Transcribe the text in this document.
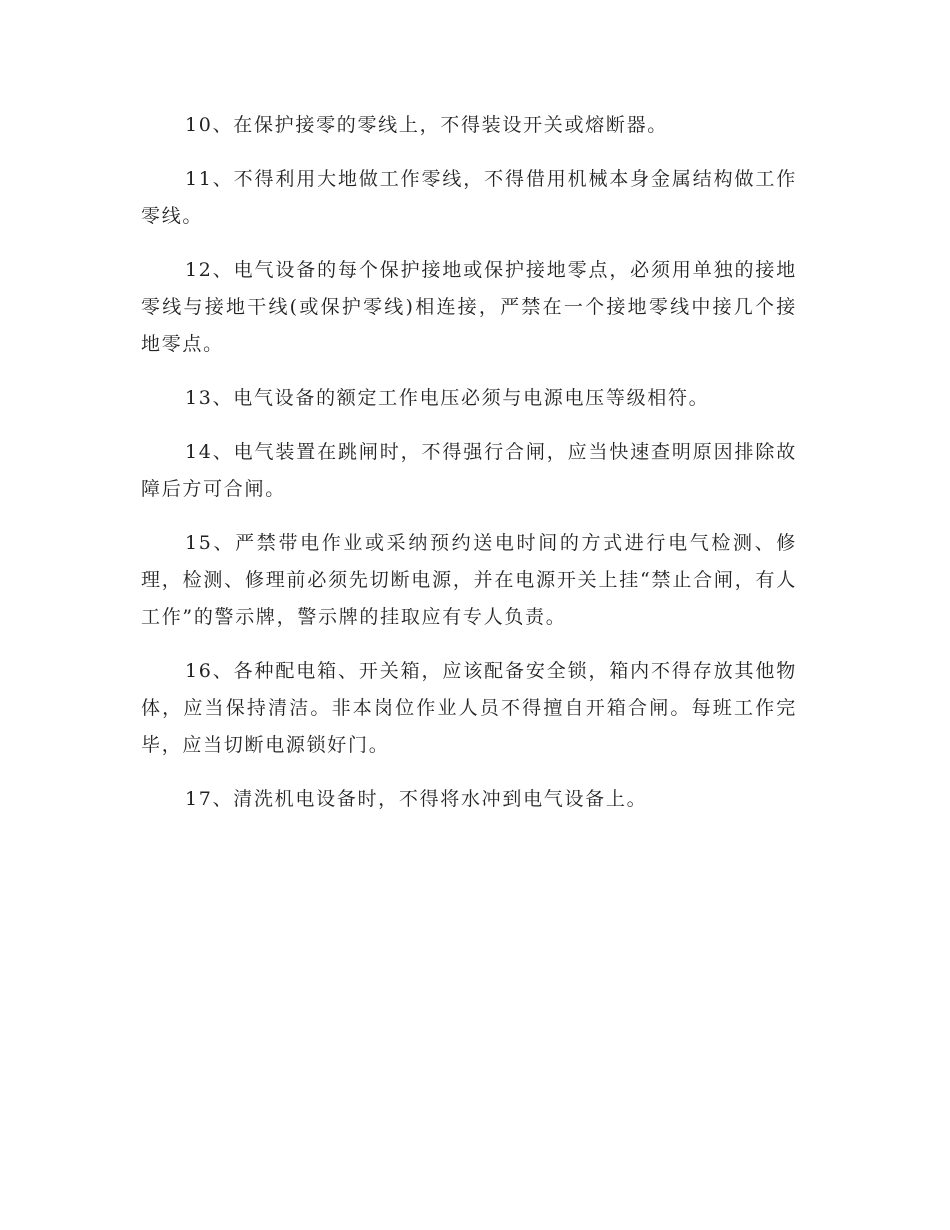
10、在保护接零的零线上，不得装设开关或熔断器。

11、不得利用大地做工作零线，不得借用机械本身金属结构做工作零线。

12、电气设备的每个保护接地或保护接地零点，必须用单独的接地零线与接地干线(或保护零线)相连接，严禁在一个接地零线中接几个接地零点。

13、电气设备的额定工作电压必须与电源电压等级相符。

14、电气装置在跳闸时，不得强行合闸，应当快速查明原因排除故障后方可合闸。

15、严禁带电作业或采纳预约送电时间的方式进行电气检测、修理，检测、修理前必须先切断电源，并在电源开关上挂“禁止合闸，有人工作”的警示牌，警示牌的挂取应有专人负责。

16、各种配电箱、开关箱，应该配备安全锁，箱内不得存放其他物体，应当保持清洁。非本岗位作业人员不得擅自开箱合闸。每班工作完毕，应当切断电源锁好门。

17、清洗机电设备时，不得将水冲到电气设备上。
